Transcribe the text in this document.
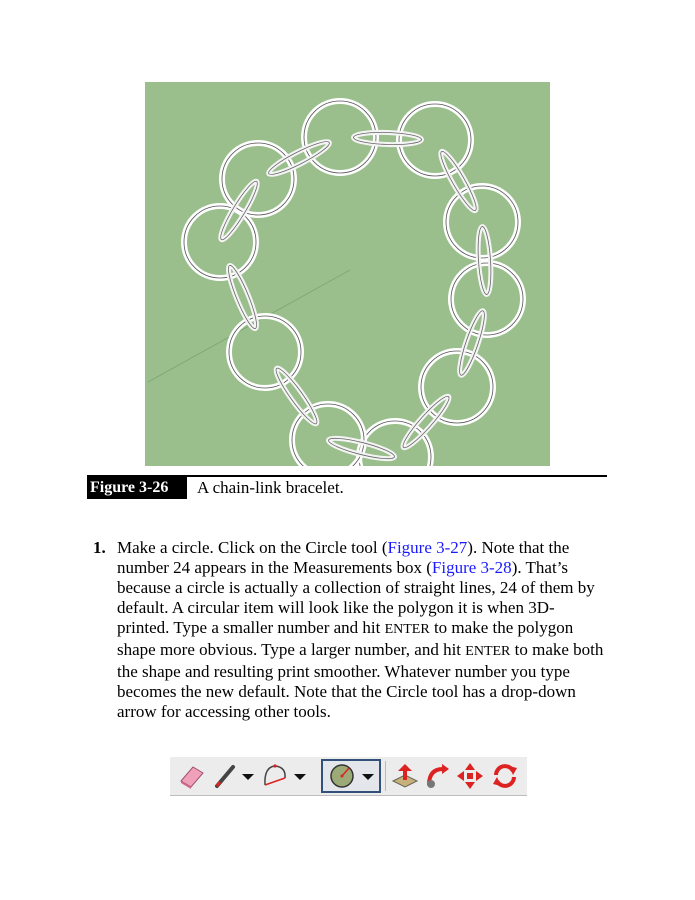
Figure 3-26	A chain-link bracelet.
1. Make a circle. Click on the Circle tool (Figure 3-27). Note that the
number 24 appears in the Measurements box (Figure 3-28). That’s
because a circle is actually a collection of straight lines, 24 of them by
default. A circular item will look like the polygon it is when 3D-
printed. Type a smaller number and hit ENTER to make the polygon
shape more obvious. Type a larger number, and hit ENTER to make both
the shape and resulting print smoother. Whatever number you type
becomes the new default. Note that the Circle tool has a drop-down
arrow for accessing other tools.
